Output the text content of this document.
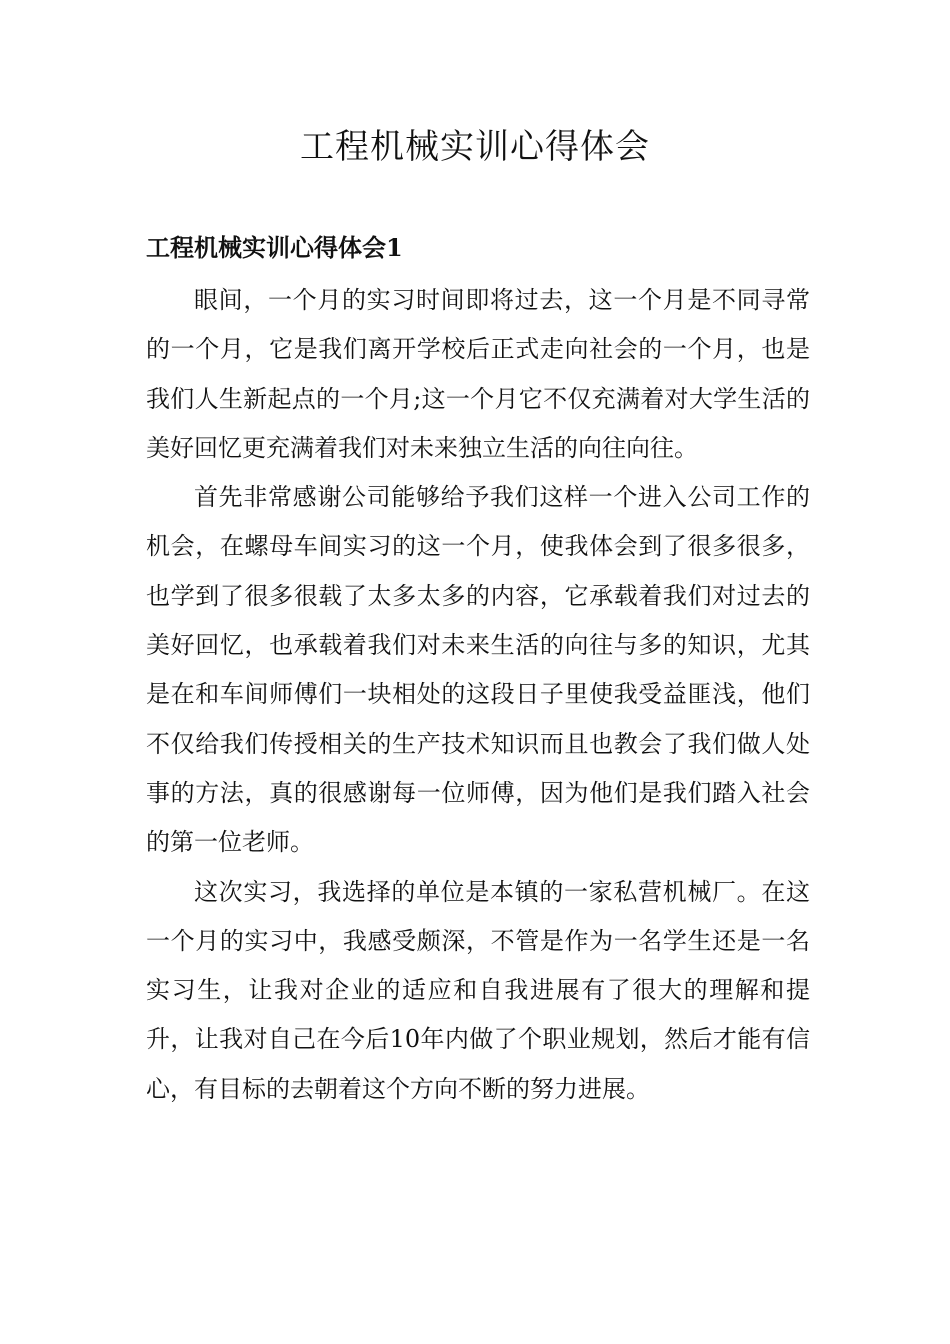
工程机械实训心得体会
工程机械实训心得体会1

眼间，一个月的实习时间即将过去，这一个月是不同寻常的一个月，它是我们离开学校后正式走向社会的一个月，也是我们人生新起点的一个月;这一个月它不仅充满着对大学生活的美好回忆更充满着我们对未来独立生活的向往向往。

首先非常感谢公司能够给予我们这样一个进入公司工作的机会，在螺母车间实习的这一个月，使我体会到了很多很多，也学到了很多很载了太多太多的内容，它承载着我们对过去的美好回忆，也承载着我们对未来生活的向往与多的知识，尤其是在和车间师傅们一块相处的这段日子里使我受益匪浅，他们不仅给我们传授相关的生产技术知识而且也教会了我们做人处事的方法，真的很感谢每一位师傅，因为他们是我们踏入社会的第一位老师。

这次实习，我选择的单位是本镇的一家私营机械厂。在这一个月的实习中，我感受颇深，不管是作为一名学生还是一名实习生，让我对企业的适应和自我进展有了很大的理解和提升，让我对自己在今后10年内做了个职业规划，然后才能有信心，有目标的去朝着这个方向不断的努力进展。
